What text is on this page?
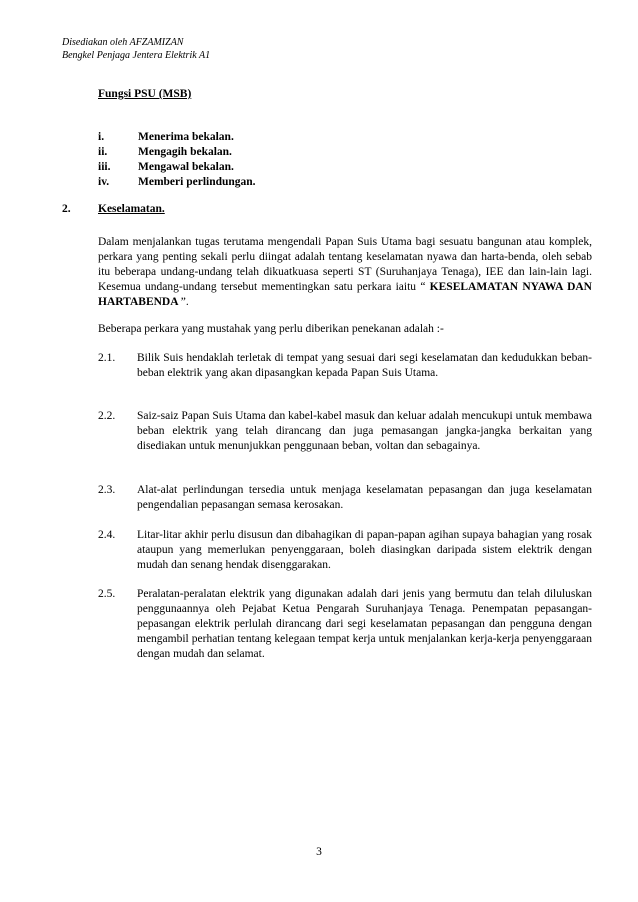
Disediakan oleh AFZAMIZAN
Bengkel Penjaga Jentera Elektrik A1
Fungsi PSU (MSB)
i.	Menerima bekalan.
ii.	Mengagih bekalan.
iii.	Mengawal bekalan.
iv.	Memberi perlindungan.
2.	Keselamatan.
Dalam menjalankan tugas terutama mengendali Papan Suis Utama bagi sesuatu bangunan atau komplek, perkara yang penting sekali perlu diingat adalah tentang keselamatan nyawa dan harta-benda, oleh sebab itu beberapa undang-undang telah dikuatkuasa seperti ST (Suruhanjaya Tenaga), IEE dan lain-lain lagi. Kesemua undang-undang tersebut mementingkan satu perkara iaitu “ KESELAMATAN NYAWA DAN HARTABENDA ”.
Beberapa perkara yang mustahak yang perlu diberikan penekanan adalah :-
2.1.	Bilik Suis hendaklah terletak di tempat yang sesuai dari segi keselamatan dan kedudukkan beban-beban elektrik yang akan dipasangkan kepada Papan Suis Utama.
2.2.	Saiz-saiz Papan Suis Utama dan kabel-kabel masuk dan keluar adalah mencukupi untuk membawa beban elektrik yang telah dirancang dan juga pemasangan jangka-jangka berkaitan yang disediakan untuk menunjukkan penggunaan beban, voltan dan sebagainya.
2.3.	Alat-alat perlindungan tersedia untuk menjaga keselamatan pepasangan dan juga keselamatan pengendalian pepasangan semasa kerosakan.
2.4.	Litar-litar akhir perlu disusun dan dibahagikan di papan-papan agihan supaya bahagian yang rosak ataupun yang memerlukan penyenggaraan, boleh diasingkan daripada sistem elektrik dengan mudah dan senang hendak disenggarakan.
2.5.	Peralatan-peralatan elektrik yang digunakan adalah dari jenis yang bermutu dan telah diluluskan penggunaannya oleh Pejabat Ketua Pengarah Suruhanjaya Tenaga. Penempatan pepasangan-pepasangan elektrik perlulah dirancang dari segi keselamatan pepasangan dan pengguna dengan mengambil perhatian tentang kelegaan tempat kerja untuk menjalankan kerja-kerja penyenggaraan dengan mudah dan selamat.
3
